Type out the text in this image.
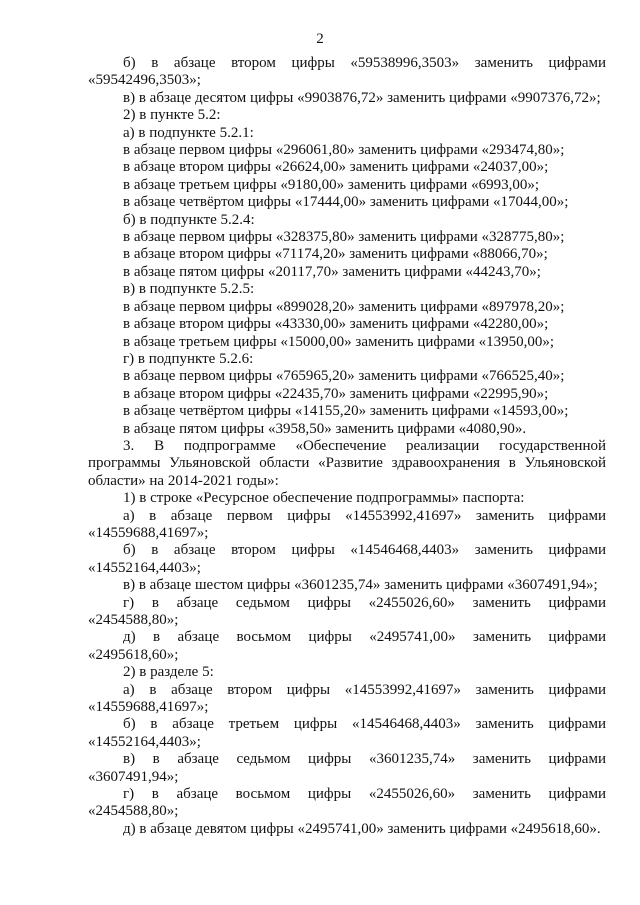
2

б) в абзаце втором цифры «59538996,3503» заменить цифрами

«59542496,3503»;

в) в абзаце десятом цифры «9903876,72» заменить цифрами «9907376,72»;

2) в пункте 5.2:

а) в подпункте 5.2.1:

в абзаце первом цифры «296061,80» заменить цифрами «293474,80»;

в абзаце втором цифры «26624,00» заменить цифрами «24037,00»;

в абзаце третьем цифры «9180,00» заменить цифрами «6993,00»;

в абзаце четвёртом цифры «17444,00» заменить цифрами «17044,00»;

б) в подпункте 5.2.4:

в абзаце первом цифры «328375,80» заменить цифрами «328775,80»;

в абзаце втором цифры «71174,20» заменить цифрами «88066,70»;

в абзаце пятом цифры «20117,70» заменить цифрами «44243,70»;

в) в подпункте 5.2.5:

в абзаце первом цифры «899028,20» заменить цифрами «897978,20»;

в абзаце втором цифры «43330,00» заменить цифрами «42280,00»;

в абзаце третьем цифры «15000,00» заменить цифрами «13950,00»;

г) в подпункте 5.2.6:

в абзаце первом цифры «765965,20» заменить цифрами «766525,40»;

в абзаце втором цифры «22435,70» заменить цифрами «22995,90»;

в абзаце четвёртом цифры «14155,20» заменить цифрами «14593,00»;

в абзаце пятом цифры «3958,50» заменить цифрами «4080,90».

3. В подпрограмме «Обеспечение реализации государственной

программы Ульяновской области «Развитие здравоохранения в Ульяновской

области» на 2014-2021 годы»:

1) в строке «Ресурсное обеспечение подпрограммы» паспорта:

а) в абзаце первом цифры «14553992,41697» заменить цифрами

«14559688,41697»;

б) в абзаце втором цифры «14546468,4403» заменить цифрами

«14552164,4403»;

в) в абзаце шестом цифры «3601235,74» заменить цифрами «3607491,94»;

г) в абзаце седьмом цифры «2455026,60» заменить цифрами

«2454588,80»;

д) в абзаце восьмом цифры «2495741,00» заменить цифрами

«2495618,60»;

2) в разделе 5:

а) в абзаце втором цифры «14553992,41697» заменить цифрами

«14559688,41697»;

б) в абзаце третьем цифры «14546468,4403» заменить цифрами

«14552164,4403»;

в) в абзаце седьмом цифры «3601235,74» заменить цифрами

«3607491,94»;

г) в абзаце восьмом цифры «2455026,60» заменить цифрами

«2454588,80»;

д) в абзаце девятом цифры «2495741,00» заменить цифрами «2495618,60».
